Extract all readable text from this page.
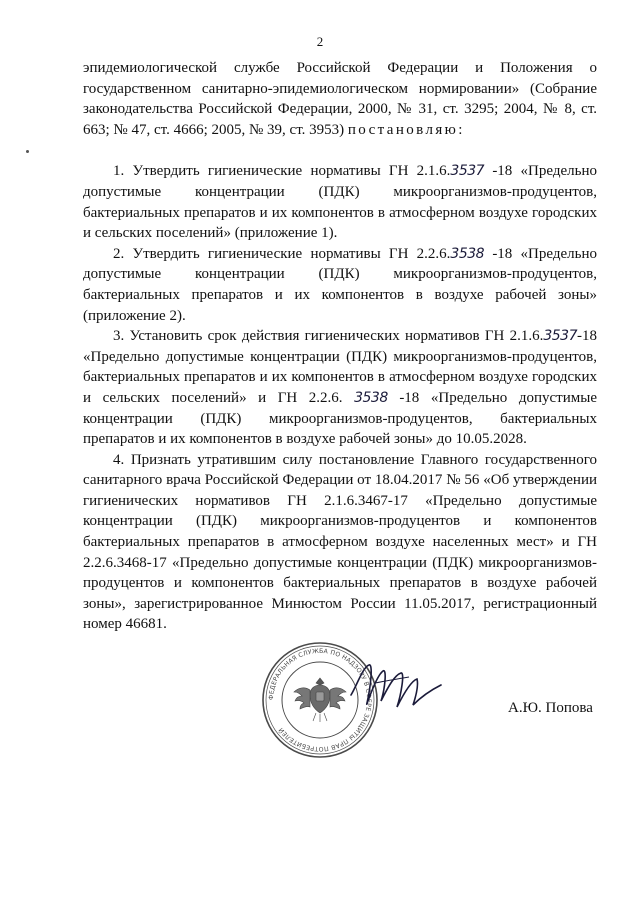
2

эпидемиологической службе Российской Федерации и Положения о государственном санитарно-эпидемиологическом нормировании» (Собрание законодательства Российской Федерации, 2000, № 31, ст. 3295; 2004, № 8, ст. 663; № 47, ст. 4666; 2005, № 39, ст. 3953) постановляю:

1. Утвердить гигиенические нормативы ГН 2.1.6.3537 -18 «Предельно допустимые концентрации (ПДК) микроорганизмов-продуцентов, бактериальных препаратов и их компонентов в атмосферном воздухе городских и сельских поселений» (приложение 1).

2. Утвердить гигиенические нормативы ГН 2.2.6.3538 -18 «Предельно допустимые концентрации (ПДК) микроорганизмов-продуцентов, бактериальных препаратов и их компонентов в воздухе рабочей зоны» (приложение 2).

3. Установить срок действия гигиенических нормативов ГН 2.1.6.3537-18 «Предельно допустимые концентрации (ПДК) микроорганизмов-продуцентов, бактериальных препаратов и их компонентов в атмосферном воздухе городских и сельских поселений» и ГН 2.2.6. 3538 -18 «Предельно допустимые концентрации (ПДК) микроорганизмов-продуцентов, бактериальных препаратов и их компонентов в воздухе рабочей зоны» до 10.05.2028.

4. Признать утратившим силу постановление Главного государственного санитарного врача Российской Федерации от 18.04.2017 № 56 «Об утверждении гигиенических нормативов ГН 2.1.6.3467-17 «Предельно допустимые концентрации (ПДК) микроорганизмов-продуцентов и компонентов бактериальных препаратов в атмосферном воздухе населенных мест» и ГН 2.2.6.3468-17 «Предельно допустимые концентрации (ПДК) микроорганизмов-продуцентов и компонентов бактериальных препаратов в воздухе рабочей зоны», зарегистрированное Минюстом России 11.05.2017, регистрационный номер 46681.

ФЕДЕРАЛЬНАЯ СЛУЖБА ПО НАДЗОРУ В СФЕРЕ ЗАЩИТЫ ПРАВ ПОТРЕБИТЕЛЕЙ
А.Ю. Попова
